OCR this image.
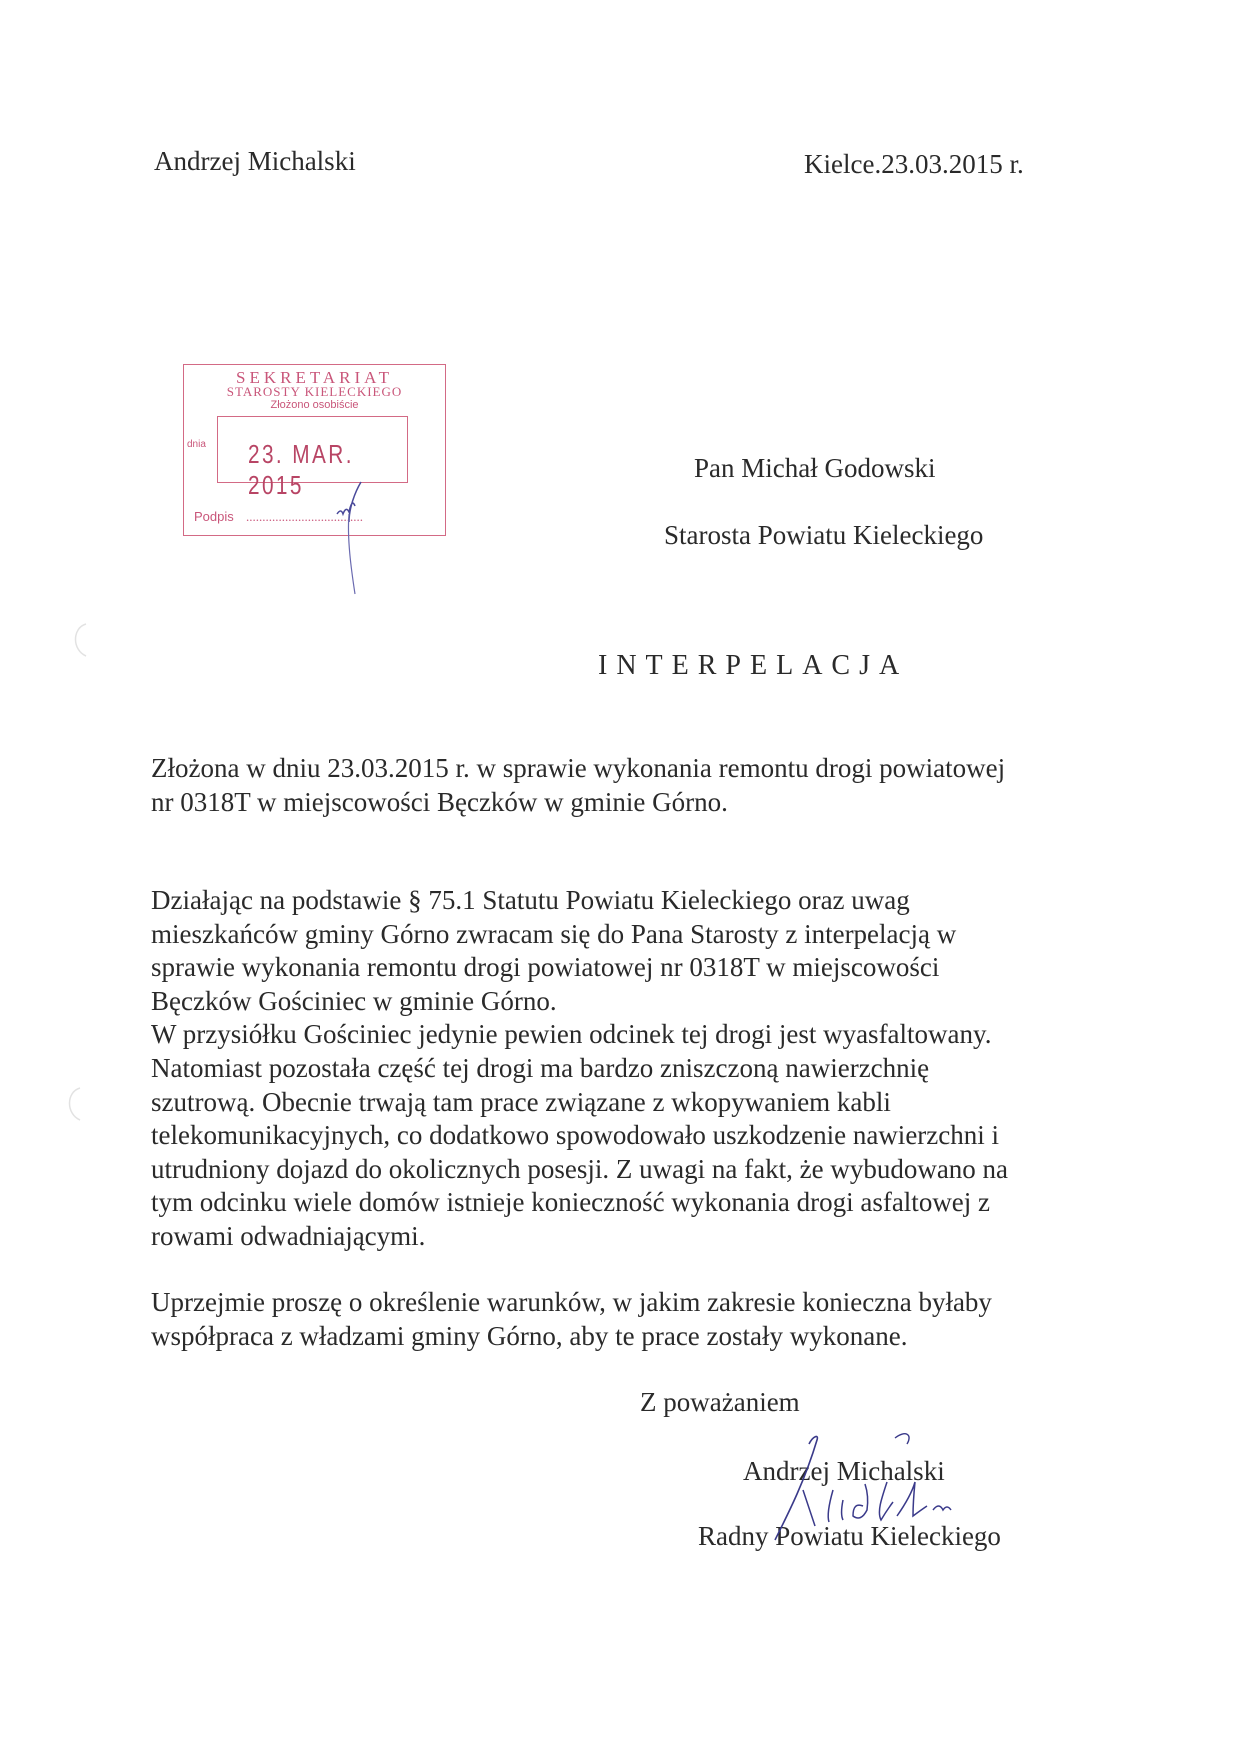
Andrzej Michalski	Kielce.23.03.2015 r.
SEKRETARIAT
STAROSTY KIELECKIEGO
Złożono osobiście
dnia 23. MAR. 2015
Podpis ....................................
Pan Michał Godowski
Starosta Powiatu Kieleckiego
INTERPELACJA
Złożona w dniu 23.03.2015 r. w sprawie wykonania remontu drogi powiatowej
nr 0318T w miejscowości Bęczków w gminie Górno.
Działając na podstawie § 75.1 Statutu Powiatu Kieleckiego oraz uwag
mieszkańców gminy Górno zwracam się do Pana Starosty z interpelacją w
sprawie wykonania remontu drogi powiatowej nr 0318T w miejscowości
Bęczków Gościniec w gminie Górno.
W przysiółku Gościniec jedynie pewien odcinek tej drogi jest wyasfaltowany.
Natomiast pozostała część tej drogi ma bardzo zniszczoną nawierzchnię
szutrową. Obecnie trwają tam prace związane z wkopywaniem kabli
telekomunikacyjnych, co dodatkowo spowodowało uszkodzenie nawierzchni i
utrudniony dojazd do okolicznych posesji. Z uwagi na fakt, że wybudowano na
tym odcinku wiele domów istnieje konieczność wykonania drogi asfaltowej z
rowami odwadniającymi.
Uprzejmie proszę o określenie warunków, w jakim zakresie konieczna byłaby
współpraca z władzami gminy Górno, aby te prace zostały wykonane.
Z poważaniem
Andrzej Michalski
Radny Powiatu Kieleckiego
